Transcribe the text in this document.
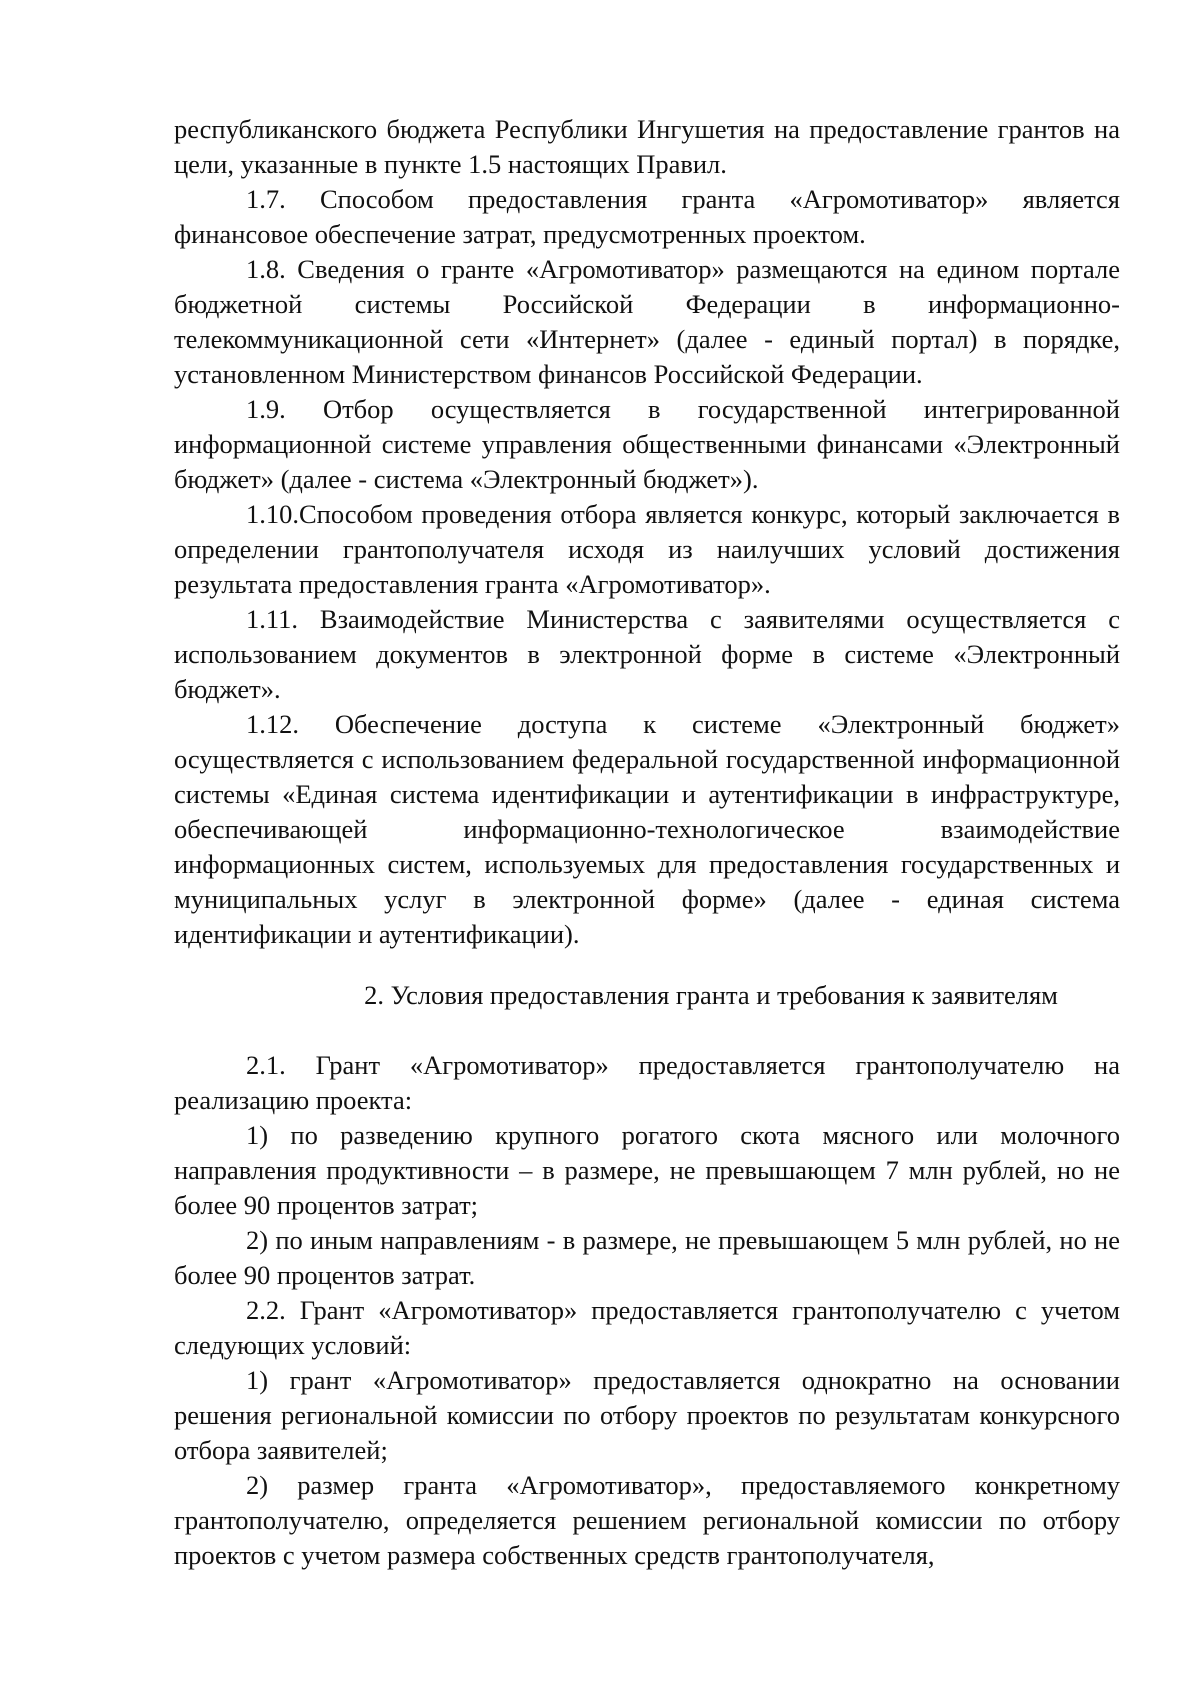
республиканского бюджета Республики Ингушетия на предоставление грантов на цели, указанные в пункте 1.5 настоящих Правил.

1.7. Способом предоставления гранта «Агромотиватор» является финансовое обеспечение затрат, предусмотренных проектом.

1.8. Сведения о гранте «Агромотиватор» размещаются на едином портале бюджетной системы Российской Федерации в информационно-телекоммуникационной сети «Интернет» (далее - единый портал) в порядке, установленном Министерством финансов Российской Федерации.

1.9. Отбор осуществляется в государственной интегрированной информационной системе управления общественными финансами «Электронный бюджет» (далее - система «Электронный бюджет»).

1.10.Способом проведения отбора является конкурс, который заключается в определении грантополучателя исходя из наилучших условий достижения результата предоставления гранта «Агромотиватор».

1.11. Взаимодействие Министерства с заявителями осуществляется с использованием документов в электронной форме в системе «Электронный бюджет».

1.12. Обеспечение доступа к системе «Электронный бюджет» осуществляется с использованием федеральной государственной информационной системы «Единая система идентификации и аутентификации в инфраструктуре, обеспечивающей информационно-технологическое взаимодействие информационных систем, используемых для предоставления государственных и муниципальных услуг в электронной форме» (далее - единая система идентификации и аутентификации).

2. Условия предоставления гранта и требования к заявителям

2.1. Грант «Агромотиватор» предоставляется грантополучателю на реализацию проекта:

1) по разведению крупного рогатого скота мясного или молочного направления продуктивности – в размере, не превышающем 7 млн рублей, но не более 90 процентов затрат;

2) по иным направлениям - в размере, не превышающем 5 млн рублей, но не более 90 процентов затрат.

2.2. Грант «Агромотиватор» предоставляется грантополучателю с учетом следующих условий:

1) грант «Агромотиватор» предоставляется однократно на основании решения региональной комиссии по отбору проектов по результатам конкурсного отбора заявителей;

2) размер гранта «Агромотиватор», предоставляемого конкретному грантополучателю, определяется решением региональной комиссии по отбору проектов с учетом размера собственных средств грантополучателя,
